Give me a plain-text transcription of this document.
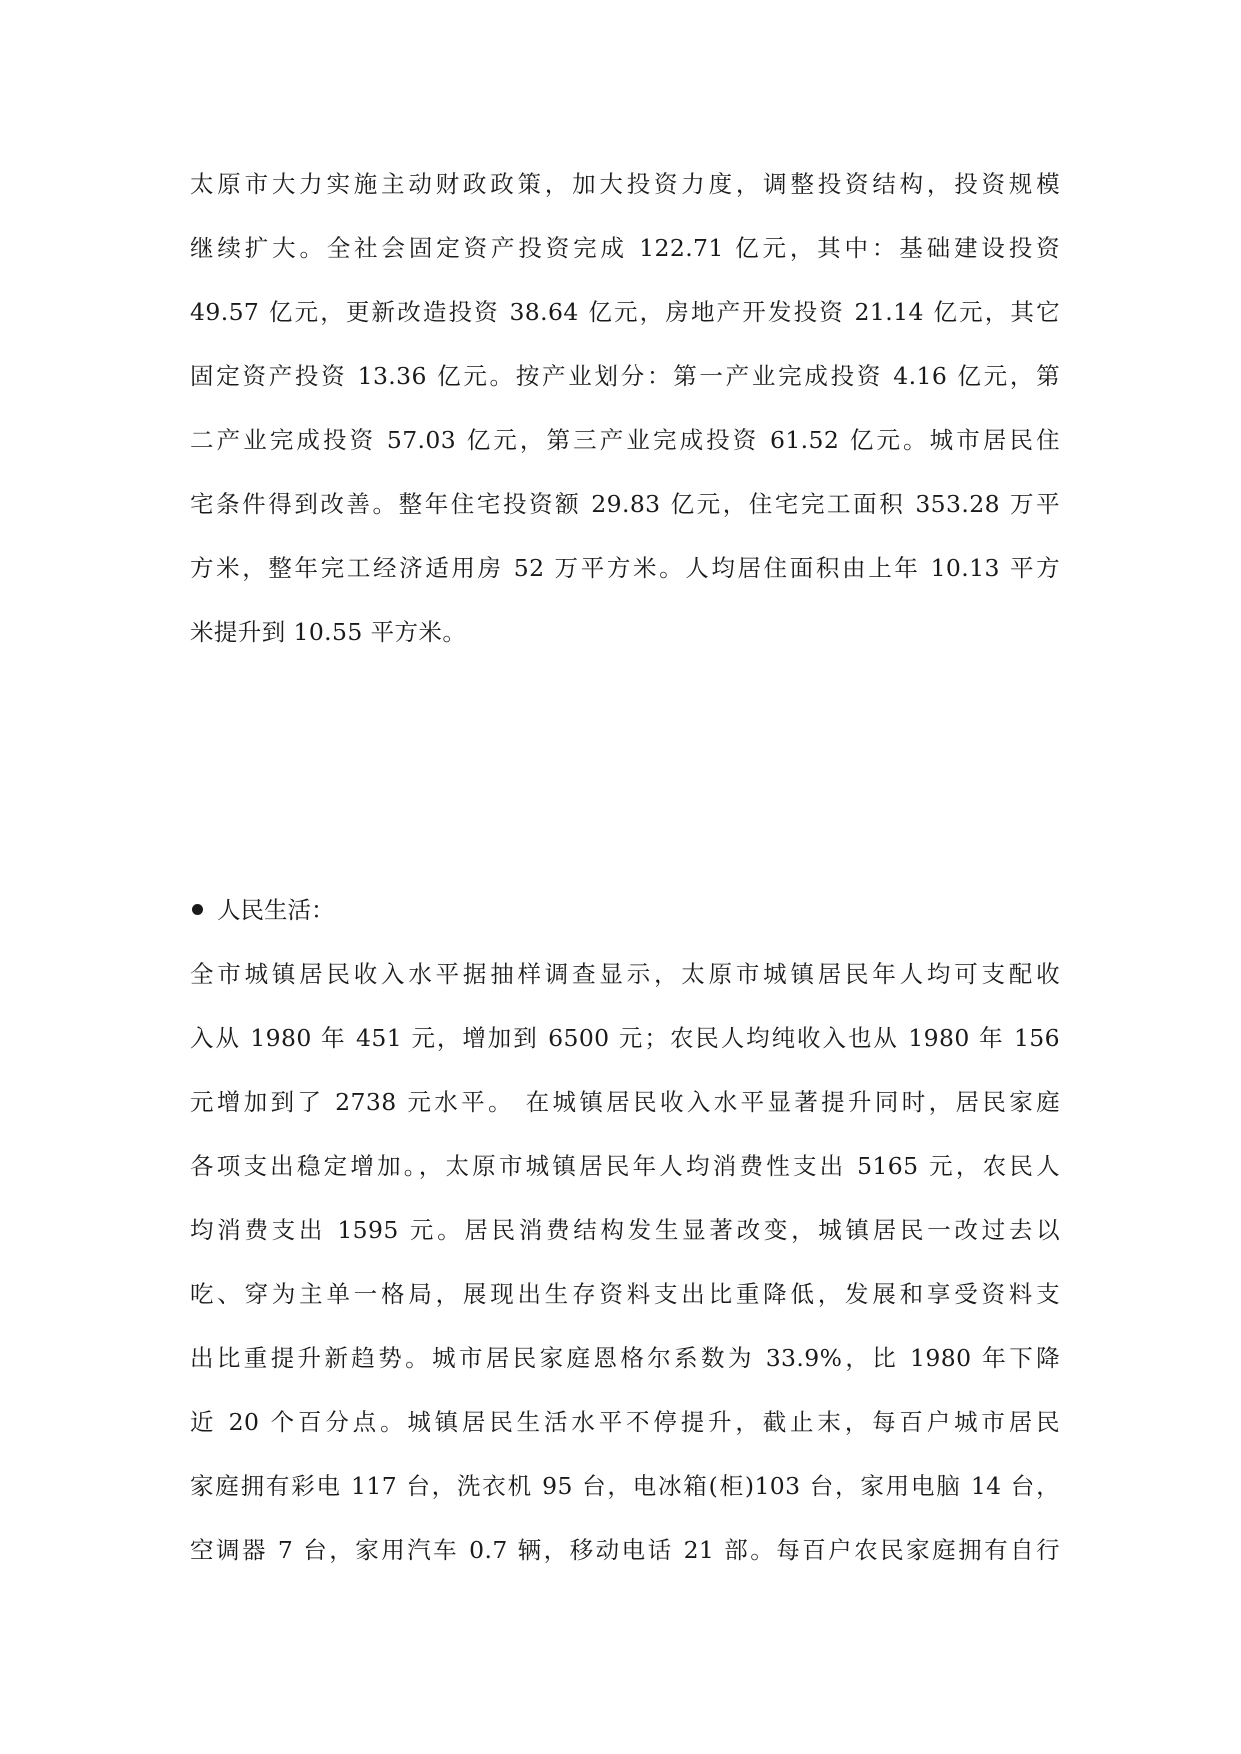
太原市大力实施主动财政政策，加大投资力度，调整投资结构，投资规模
继续扩大。全社会固定资产投资完成 122.71 亿元，其中：基础建设投资
49.57 亿元，更新改造投资 38.64 亿元，房地产开发投资 21.14 亿元，其它
固定资产投资 13.36 亿元。按产业划分：第一产业完成投资 4.16 亿元，第
二产业完成投资 57.03 亿元，第三产业完成投资 61.52 亿元。城市居民住
宅条件得到改善。整年住宅投资额 29.83 亿元，住宅完工面积 353.28 万平
方米，整年完工经济适用房 52 万平方米。人均居住面积由上年 10.13 平方
米提升到 10.55 平方米。
人民生活：
全市城镇居民收入水平据抽样调查显示，太原市城镇居民年人均可支配收
入从 1980 年 451 元，增加到 6500 元；农民人均纯收入也从 1980 年 156
元增加到了 2738 元水平。 在城镇居民收入水平显著提升同时，居民家庭
各项支出稳定增加。，太原市城镇居民年人均消费性支出 5165 元，农民人
均消费支出 1595 元。居民消费结构发生显著改变，城镇居民一改过去以
吃、穿为主单一格局，展现出生存资料支出比重降低，发展和享受资料支
出比重提升新趋势。城市居民家庭恩格尔系数为 33.9%，比 1980 年下降
近 20 个百分点。城镇居民生活水平不停提升，截止末，每百户城市居民
家庭拥有彩电 117 台，洗衣机 95 台，电冰箱(柜)103 台，家用电脑 14 台，
空调器 7 台，家用汽车 0.7 辆，移动电话 21 部。每百户农民家庭拥有自行
